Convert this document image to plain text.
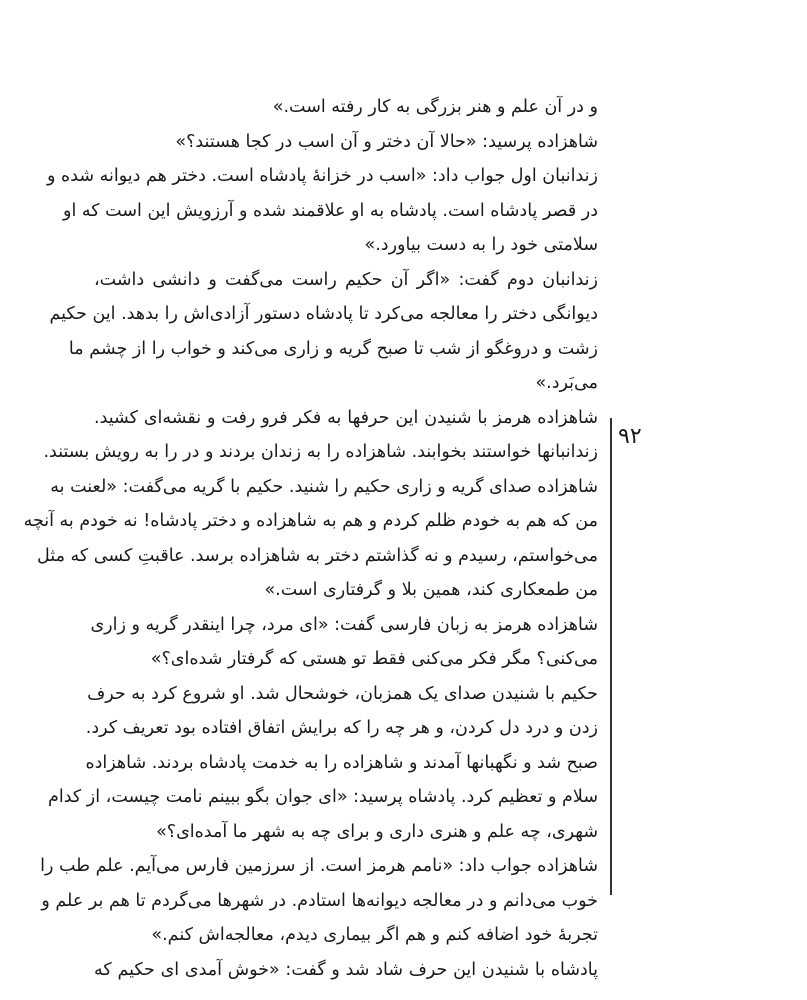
و در آن علم و هنر بزرگی به کار رفته است.»
شاهزاده پرسید: «حالا آن دختر و آن اسب در کجا هستند؟»
زندانبان اول جواب داد: «اسب در خزانهٔ پادشاه است. دختر هم دیوانه شده و
در قصر پادشاه است. پادشاه به او علاقمند شده و آرزویش این است که او
سلامتی خود را به دست بیاورد.»
زندانبان دوم گفت: «اگر آن حکیم راست می‌گفت و دانشی داشت،
دیوانگی دختر را معالجه می‌کرد تا پادشاه دستور آزادی‌اش را بدهد. این حکیم
زشت و دروغگو از شب تا صبح گریه و زاری می‌کند و خواب را از چشم ما
می‌بَرد.»
شاهزاده هرمز با شنیدن این حرفها به فکر فرو رفت و نقشه‌ای کشید.
زندانبانها خواستند بخوابند. شاهزاده را به زندان بردند و در را به رویش بستند.
شاهزاده صدای گریه و زاری حکیم را شنید. حکیم با گریه می‌گفت: «لعنت به
من که هم به خودم ظلم کردم و هم به شاهزاده و دختر پادشاه! نه خودم به آنچه
می‌خواستم، رسیدم و نه گذاشتم دختر به شاهزاده برسد. عاقبتِ کسی که مثل
من طمعکاری کند، همین بلا و گرفتاری است.»
شاهزاده هرمز به زبان فارسی گفت: «ای مرد، چرا اینقدر گریه و زاری
می‌کنی؟ مگر فکر می‌کنی فقط تو هستی که گرفتار شده‌ای؟»
حکیم با شنیدن صدای یک همزبان، خوشحال شد. او شروع کرد به حرف
زدن و درد دل کردن، و هر چه را که برایش اتفاق افتاده بود تعریف کرد.
صبح شد و نگهبانها آمدند و شاهزاده را به خدمت پادشاه بردند. شاهزاده
سلام و تعظیم کرد. پادشاه پرسید: «ای جوان بگو ببینم نامت چیست، از کدام
شهری، چه علم و هنری داری و برای چه به شهر ما آمده‌ای؟»
شاهزاده جواب داد: «نامم هرمز است. از سرزمین فارس می‌آیم. علم طب را
خوب می‌دانم و در معالجه دیوانه‌ها استادم. در شهرها می‌گردم تا هم بر علم و
تجربهٔ خود اضافه کنم و هم اگر بیماری دیدم، معالجه‌اش کنم.»
پادشاه با شنیدن این حرف شاد شد و گفت: «خوش آمدی ای حکیم که
۹۲
